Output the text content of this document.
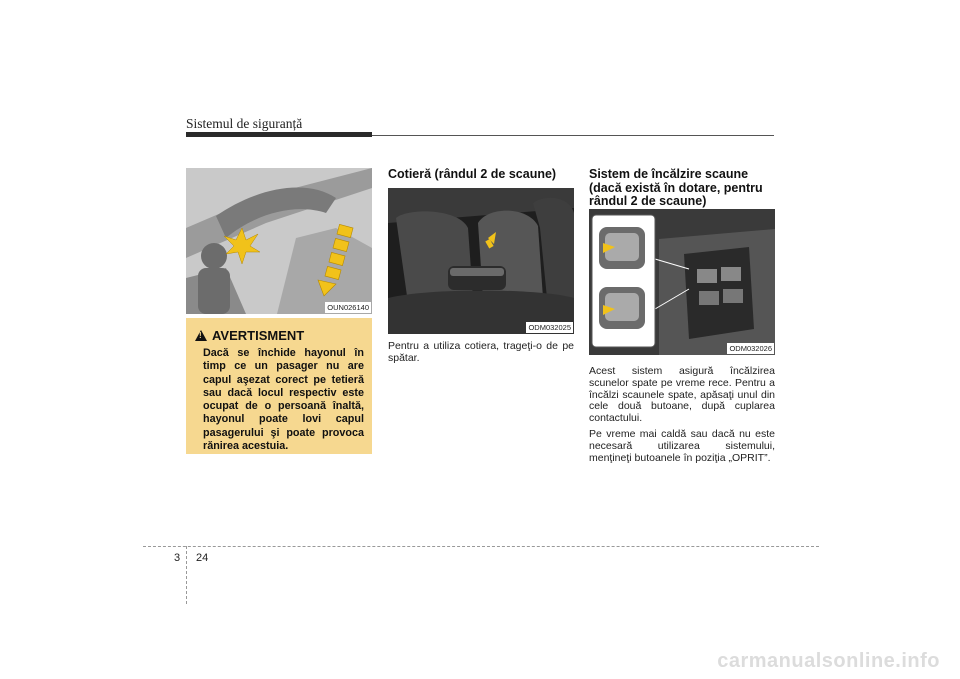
Sistemul de siguranță
OUN026140
!
AVERTISMENT
Dacă se închide hayonul în timp ce un pasager nu are capul aşezat corect pe tetieră sau dacă locul respectiv este ocupat de o persoană înaltă, hayonul poate lovi capul pasagerului şi poate provoca rănirea acestuia.
Cotieră (rândul 2 de scaune)
ODM032025
Pentru a utiliza cotiera, trageţi-o de pe spătar.
Sistem de încălzire scaune (dacă există în dotare, pentru rândul 2 de scaune)
ODM032026
Acest sistem asigură încălzirea scunelor spate pe vreme rece. Pentru a încălzi scaunele spate, apăsaţi unul din cele două butoane, după cuplarea contactului.
Pe vreme mai caldă sau dacă nu este necesară utilizarea sistemului, menţineţi butoanele în poziţia „OPRIT”.
3 24
carmanualsonline.info
